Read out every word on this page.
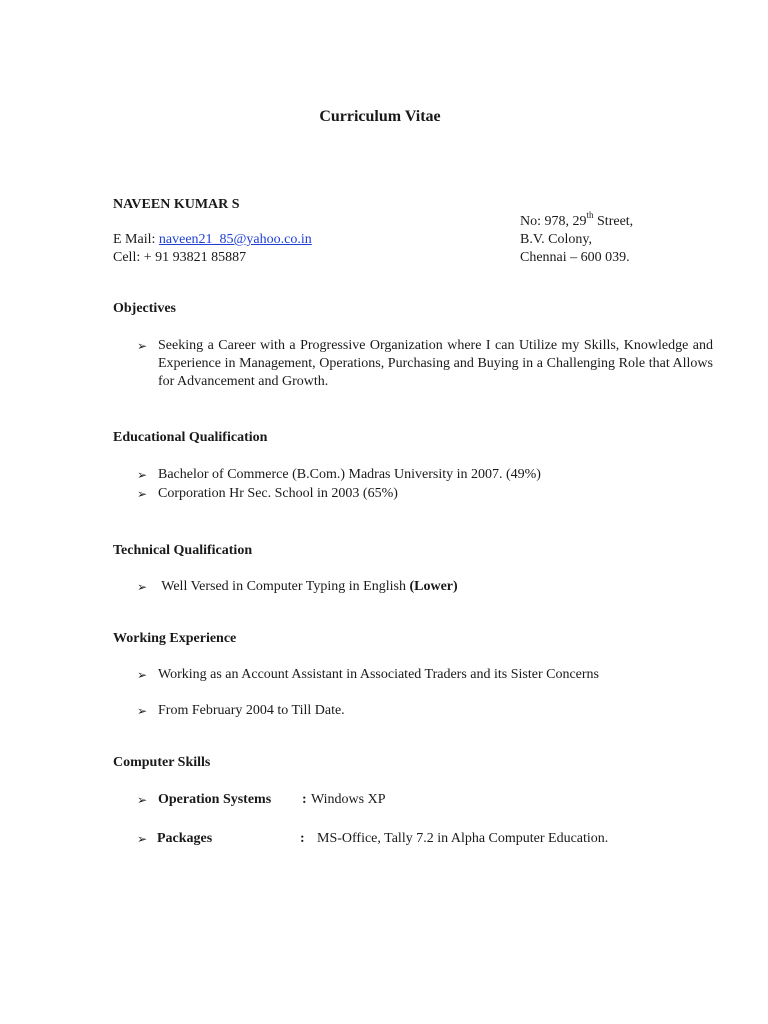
Curriculum Vitae
NAVEEN KUMAR S
E Mail: naveen21_85@yahoo.co.in
Cell: + 91 93821 85887
No: 978, 29th Street,
B.V. Colony,
Chennai – 600 039.
Objectives
➢ Seeking a Career with a Progressive Organization where I can Utilize my Skills, Knowledge and Experience in Management, Operations, Purchasing and Buying in a Challenging Role that Allows for Advancement and Growth.
Educational Qualification
➢ Bachelor of Commerce (B.Com.) Madras University in 2007. (49%)
➢ Corporation Hr Sec. School in 2003 (65%)
Technical Qualification
➢ Well Versed in Computer Typing in English (Lower)
Working Experience
➢ Working as an Account Assistant in Associated Traders and its Sister Concerns
➢ From February 2004 to Till Date.
Computer Skills
➢ Operation Systems : Windows XP
➢ Packages	: MS-Office, Tally 7.2 in Alpha Computer Education.
